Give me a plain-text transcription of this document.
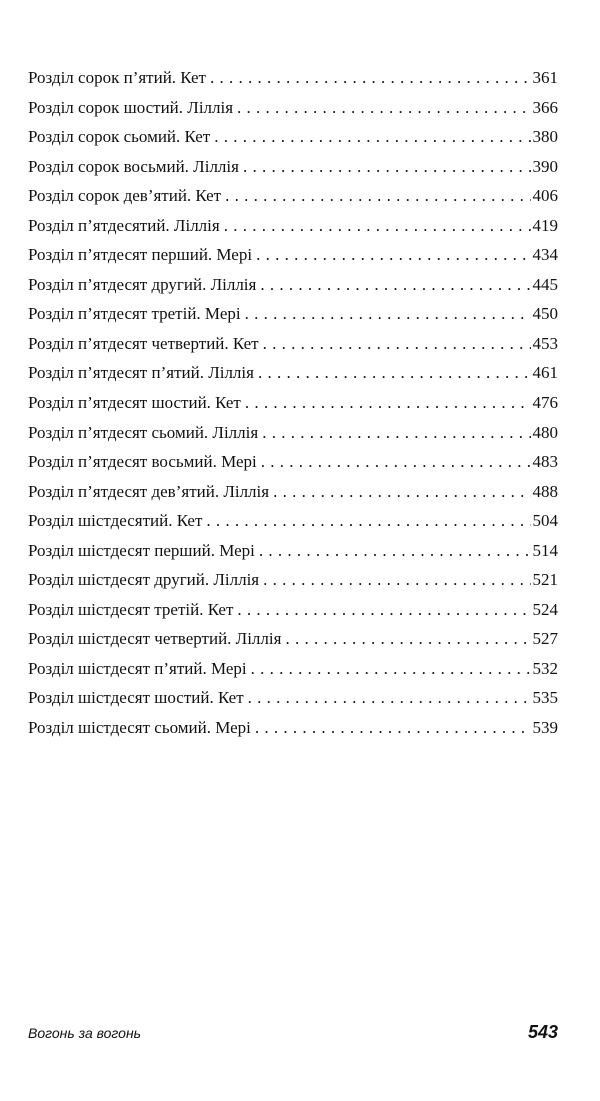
Розділ сорок п’ятий. Кет . . .	361
Розділ сорок шостий. Ліллія . . .	366
Розділ сорок сьомий. Кет . . .	380
Розділ сорок восьмий. Ліллія . . .	390
Розділ сорок дев’ятий. Кет . . .	406
Розділ п’ятдесятий. Ліллія . . .	419
Розділ п’ятдесят перший. Мері . . .	434
Розділ п’ятдесят другий. Ліллія . . .	445
Розділ п’ятдесят третій. Мері . . .	450
Розділ п’ятдесят четвертий. Кет . . .	453
Розділ п’ятдесят п’ятий. Ліллія . . .	461
Розділ п’ятдесят шостий. Кет . . .	476
Розділ п’ятдесят сьомий. Ліллія . . .	480
Розділ п’ятдесят восьмий. Мері . . .	483
Розділ п’ятдесят дев’ятий. Ліллія . . .	488
Розділ шістдесятий. Кет . . .	504
Розділ шістдесят перший. Мері . . .	514
Розділ шістдесят другий. Ліллія . . .	521
Розділ шістдесят третій. Кет . . .	524
Розділ шістдесят четвертий. Ліллія . . .	527
Розділ шістдесят п’ятий. Мері . . .	532
Розділ шістдесят шостий. Кет . . .	535
Розділ шістдесят сьомий. Мері . . .	539
Вогонь за вогонь	543
